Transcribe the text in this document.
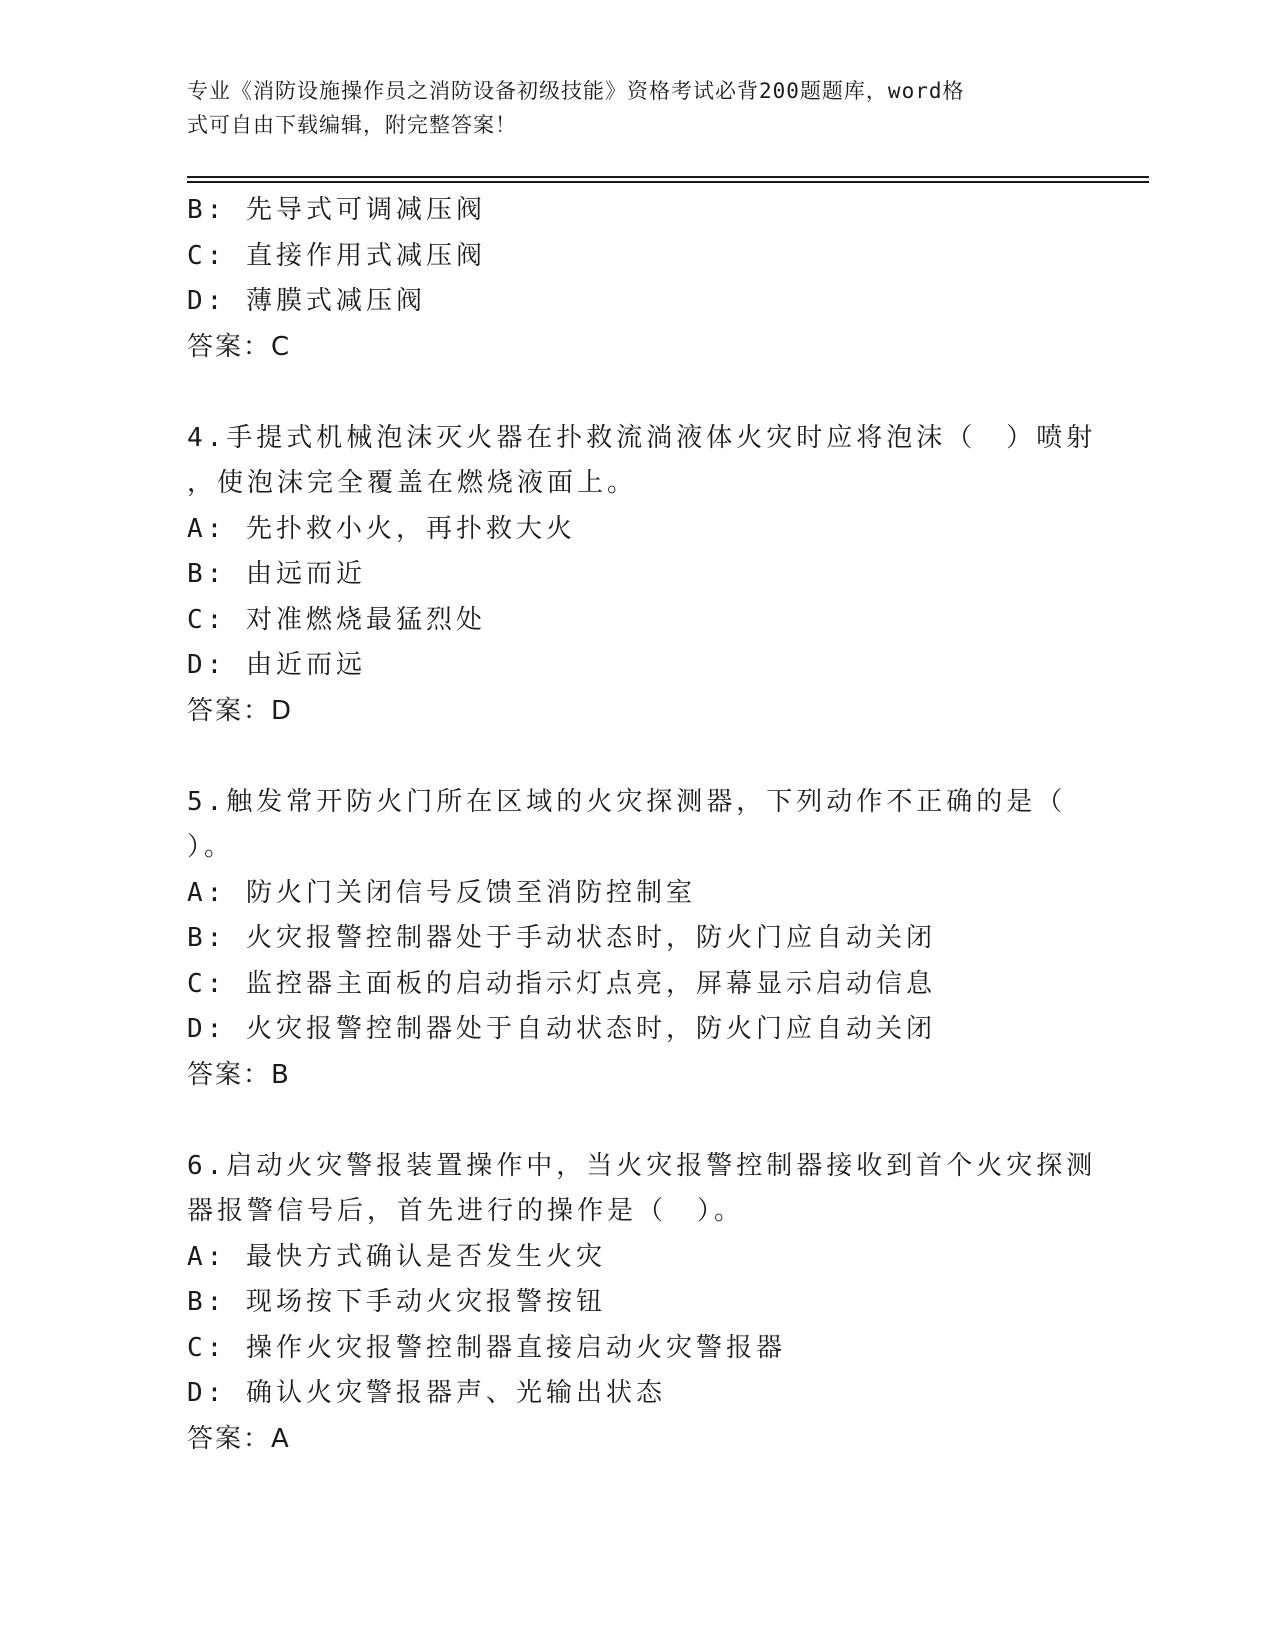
专业《消防设施操作员之消防设备初级技能》资格考试必背200题题库，word格
式可自由下载编辑，附完整答案！
B: 先导式可调减压阀
C: 直接作用式减压阀
D: 薄膜式减压阀
答案：C
4.手提式机械泡沫灭火器在扑救流淌液体火灾时应将泡沫（　）喷射
，使泡沫完全覆盖在燃烧液面上。
A: 先扑救小火，再扑救大火
B: 由远而近
C: 对准燃烧最猛烈处
D: 由近而远
答案：D
5.触发常开防火门所在区域的火灾探测器，下列动作不正确的是（
）。
A: 防火门关闭信号反馈至消防控制室
B: 火灾报警控制器处于手动状态时，防火门应自动关闭
C: 监控器主面板的启动指示灯点亮，屏幕显示启动信息
D: 火灾报警控制器处于自动状态时，防火门应自动关闭
答案：B
6.启动火灾警报装置操作中，当火灾报警控制器接收到首个火灾探测
器报警信号后，首先进行的操作是（　）。
A: 最快方式确认是否发生火灾
B: 现场按下手动火灾报警按钮
C: 操作火灾报警控制器直接启动火灾警报器
D: 确认火灾警报器声、光输出状态
答案：A
